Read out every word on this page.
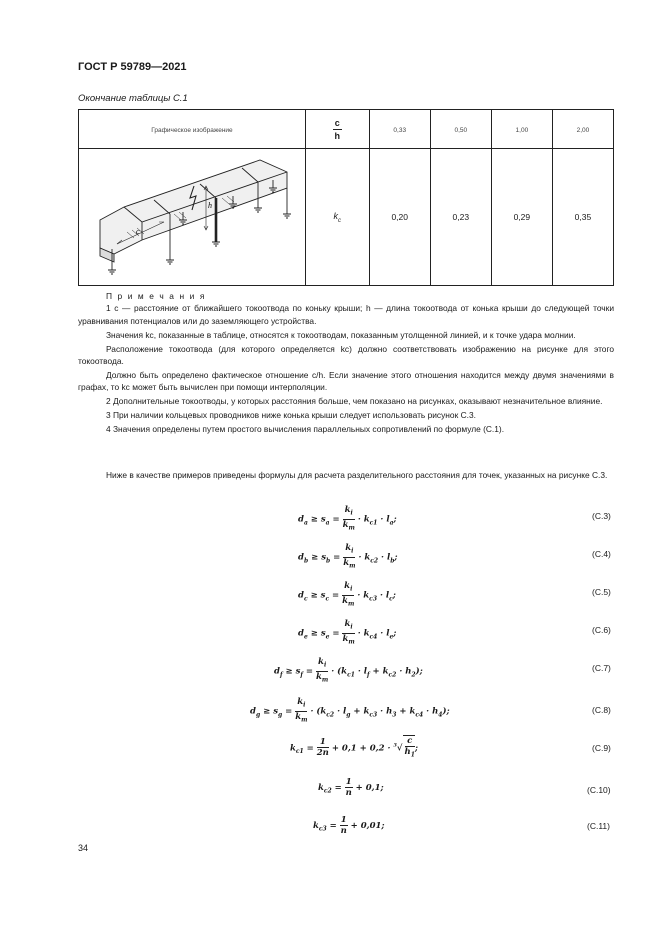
ГОСТ Р 59789—2021
Окончание таблицы С.1
Графическое изображение	$\frac{c}{h}$	0,33	0,50	1,00	2,00

c
h	$k_c$	0,20	0,23	0,29	0,35

П р и м е ч а н и я

1 c — расстояние от ближайшего токоотвода по коньку крыши; h — длина токоотвода от конька крыши до следующей точки уравнивания потенциалов или до заземляющего устройства.

Значения kc, показанные в таблице, относятся к токоотводам, показанным утолщенной линией, и к точке удара молнии.

Расположение токоотвода (для которого определяется kc) должно соответствовать изображению на рисунке для этого токоотвода.

Должно быть определено фактическое отношение c/h. Если значение этого отношения находится между двумя значениями в графах, то kc может быть вычислен при помощи интерполяции.

2 Дополнительные токоотводы, у которых расстояния больше, чем показано на рисунках, оказывают незначительное влияние.

3 При наличии кольцевых проводников ниже конька крыши следует использовать рисунок С.3.

4 Значения определены путем простого вычисления параллельных сопротивлений по формуле (С.1).

Ниже в качестве примеров приведены формулы для расчета разделительного расстояния для точек, указанных на рисунке С.3.

$d_a \ge s_a = \frac{k_i}{k_m} \cdot k_{c1} \cdot l_a$;	(С.3)
$d_b \ge s_b = \frac{k_i}{k_m} \cdot k_{c2} \cdot l_b$;	(С.4)
$d_c \ge s_c = \frac{k_i}{k_m} \cdot k_{c3} \cdot l_c$;	(С.5)
$d_e \ge s_e = \frac{k_i}{k_m} \cdot k_{c4} \cdot l_e$;	(С.6)
$d_f \ge s_f = \frac{k_i}{k_m} \cdot (k_{c1} \cdot l_f + k_{c2} \cdot h_2)$;	(С.7)
$d_g \ge s_g = \frac{k_i}{k_m} \cdot (k_{c2} \cdot l_g + k_{c3} \cdot h_3 + k_{c4} \cdot h_4)$;	(С.8)
$k_{c1} = \frac{1}{2n} + 0,1 + 0,2 \cdot ^3√ \frac{c}{h_1}$ ;	(С.9)
$k_{c2} = \frac{1}{n} + 0,1$;	(С.10)
$k_{c3} = \frac{1}{n} + 0,01$;	(С.11)
34
